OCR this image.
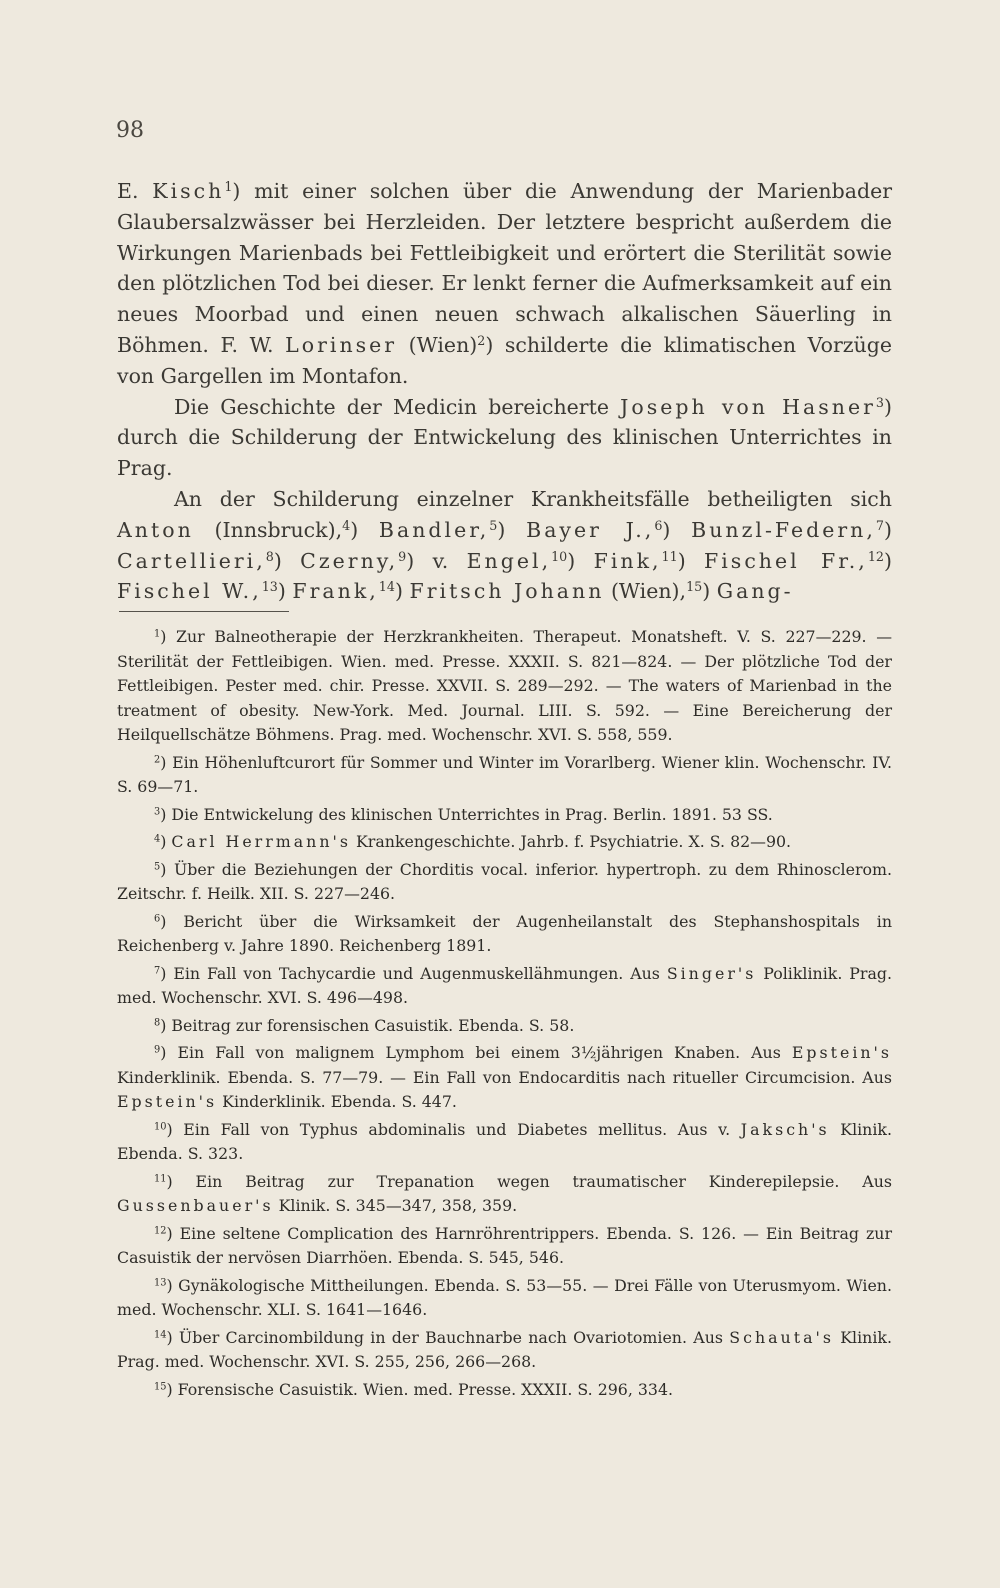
98

E. Kisch$^1$) mit einer solchen über die Anwendung der Marienbader Glaubersalzwässer bei Herzleiden. Der letztere bespricht außerdem die Wirkungen Marienbads bei Fettleibigkeit und erörtert die Sterilität sowie den plötzlichen Tod bei dieser. Er lenkt ferner die Aufmerksamkeit auf ein neues Moorbad und einen neuen schwach alkalischen Säuerling in Böhmen. F. W. Lorinser (Wien)$^2$) schilderte die klimatischen Vorzüge von Gargellen im Montafon.

Die Geschichte der Medicin bereicherte Joseph von Hasner$^3$) durch die Schilderung der Entwickelung des klinischen Unterrichtes in Prag.

An der Schilderung einzelner Krankheitsfälle betheiligten sich Anton (Innsbruck),$^4$) Bandler,$^5$) Bayer J.,$^6$) Bunzl-Federn,$^7$) Cartellieri,$^8$) Czerny,$^9$) v. Engel,$^{10}$) Fink,$^{11}$) Fischel Fr.,$^{12}$) Fischel W.,$^{13}$) Frank,$^{14}$) Fritsch Johann (Wien),$^{15}$) Gang-

$^1$) Zur Balneotherapie der Herzkrankheiten. Therapeut. Monatsheft. V. S. 227—229. — Sterilität der Fettleibigen. Wien. med. Presse. XXXII. S. 821—824. — Der plötzliche Tod der Fettleibigen. Pester med. chir. Presse. XXVII. S. 289—292. — The waters of Marienbad in the treatment of obesity. New-York. Med. Journal. LIII. S. 592. — Eine Bereicherung der Heilquellschätze Böhmens. Prag. med. Wochenschr. XVI. S. 558, 559.

$^2$) Ein Höhenluftcurort für Sommer und Winter im Vorarlberg. Wiener klin. Wochenschr. IV. S. 69—71.

$^3$) Die Entwickelung des klinischen Unterrichtes in Prag. Berlin. 1891. 53 SS.

$^4$) Carl Herrmann's Krankengeschichte. Jahrb. f. Psychiatrie. X. S. 82—90.

$^5$) Über die Beziehungen der Chorditis vocal. inferior. hypertroph. zu dem Rhinosclerom. Zeitschr. f. Heilk. XII. S. 227—246.

$^6$) Bericht über die Wirksamkeit der Augenheilanstalt des Stephanshospitals in Reichenberg v. Jahre 1890. Reichenberg 1891.

$^7$) Ein Fall von Tachycardie und Augenmuskellähmungen. Aus Singer's Poliklinik. Prag. med. Wochenschr. XVI. S. 496—498.

$^8$) Beitrag zur forensischen Casuistik. Ebenda. S. 58.

$^9$) Ein Fall von malignem Lymphom bei einem 3½jährigen Knaben. Aus Epstein's Kinderklinik. Ebenda. S. 77—79. — Ein Fall von Endocarditis nach ritueller Circumcision. Aus Epstein's Kinderklinik. Ebenda. S. 447.

$^{10}$) Ein Fall von Typhus abdominalis und Diabetes mellitus. Aus v. Jaksch's Klinik. Ebenda. S. 323.

$^{11}$) Ein Beitrag zur Trepanation wegen traumatischer Kinderepilepsie. Aus Gussenbauer's Klinik. S. 345—347, 358, 359.

$^{12}$) Eine seltene Complication des Harnröhrentrippers. Ebenda. S. 126. — Ein Beitrag zur Casuistik der nervösen Diarrhöen. Ebenda. S. 545, 546.

$^{13}$) Gynäkologische Mittheilungen. Ebenda. S. 53—55. — Drei Fälle von Uterusmyom. Wien. med. Wochenschr. XLI. S. 1641—1646.

$^{14}$) Über Carcinombildung in der Bauchnarbe nach Ovariotomien. Aus Schauta's Klinik. Prag. med. Wochenschr. XVI. S. 255, 256, 266—268.

$^{15}$) Forensische Casuistik. Wien. med. Presse. XXXII. S. 296, 334.
